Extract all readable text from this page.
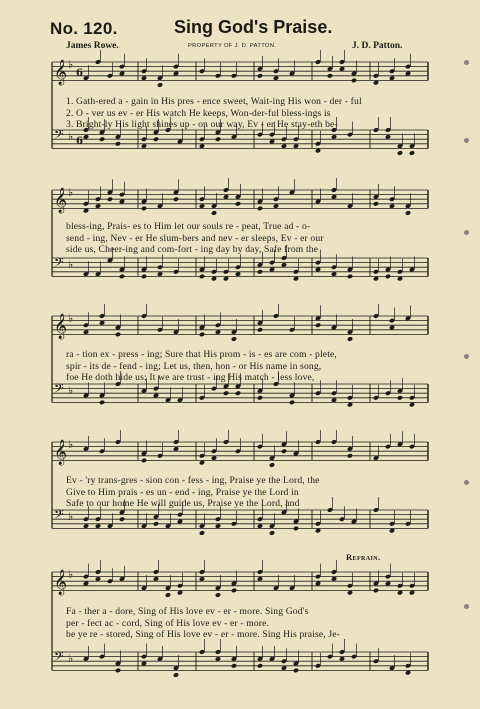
No. 120.	Sing God's Praise.
James Rowe.	PROPERTY OF J. D. PATTON.	J. D. Patton.
Refrain.
𝄞 ♭
𝄢 ♭
6
6
1. Gath-ered a - gain in His pres - ence sweet, Wait-ing His won - der - ful
2. O - ver us ev - er His watch He keeps, Won-der-ful bless-ings is
3. Bright-ly His light shines up - on our way, Ev - er He stay-eth be-
𝄞 ♭
𝄢 ♭
bless-ing, Prais- es to Him let our souls re - peat, True ad - o-
send - ing, Nev - er He slum-bers and nev - er sleeps, Ev - er our
side us, Cheer-ing and com-fort - ing day by day, Safe from the
𝄞 ♭
𝄢 ♭
ra - tion ex - press - ing; Sure that His prom - is - es are com - plete,
spir - its de - fend - ing; Let us, then, hon - or His name in song,
foe He doth hide us; It we are trust - ing His match - less love,
𝄞 ♭
𝄢 ♭
Ev - 'ry trans-gres - sion con - fess - ing, Praise ye the Lord, the
Give to Him prais - es un - end - ing, Praise ye the Lord in
Safe to our home He will guide us, Praise ye the Lord, and
𝄞 ♭
𝄢 ♭
Fa - ther a - dore, Sing of His love ev - er - more. Sing God's
per - fect ac - cord, Sing of His love ev - er - more.
be ye re - stored, Sing of His love ev - er - more. Sing His praise, Je-
